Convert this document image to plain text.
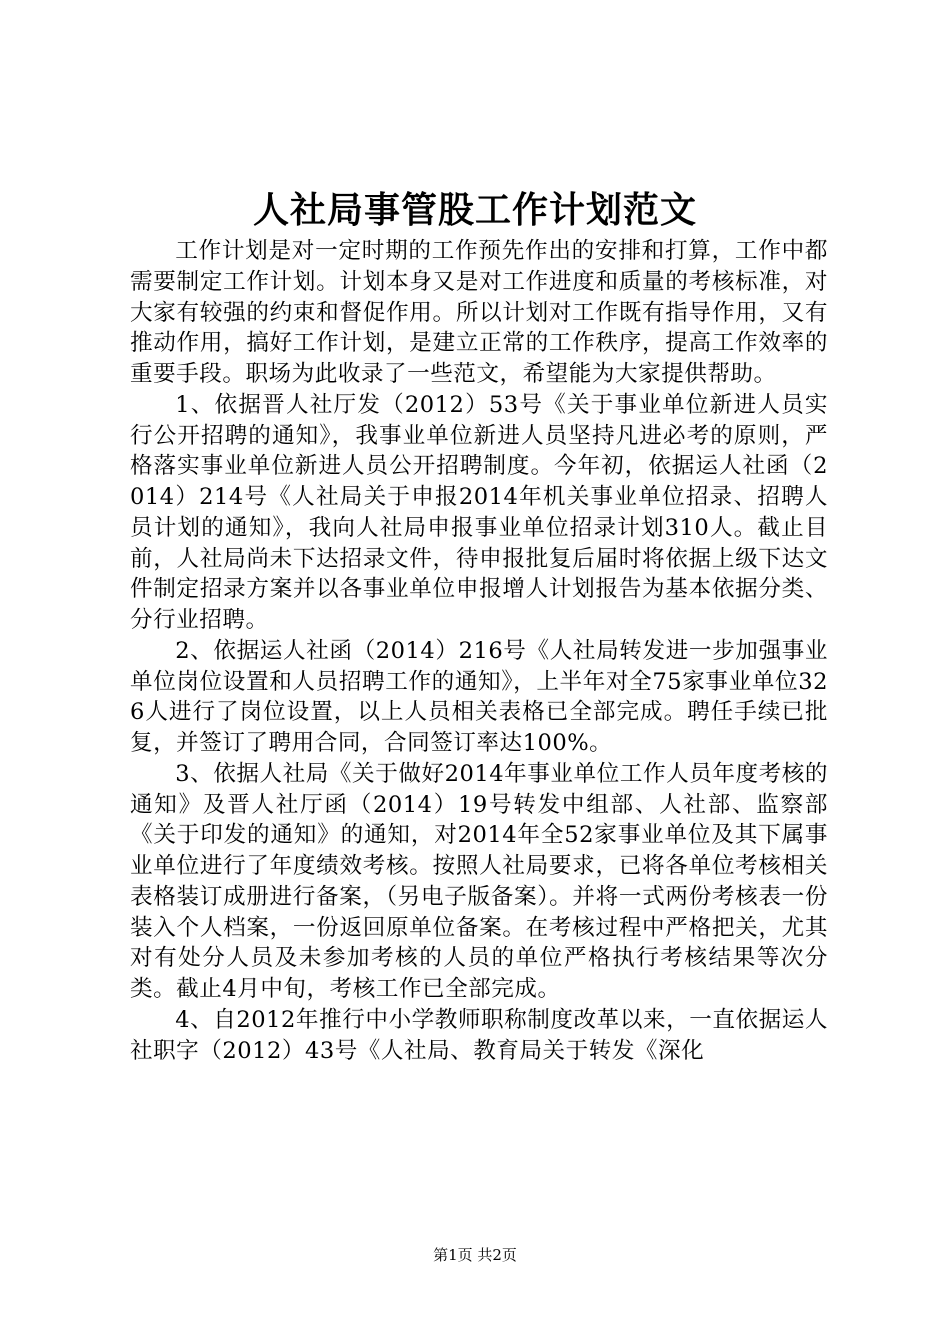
人社局事管股工作计划范文

工作计划是对一定时期的工作预先作出的安排和打算，工作中都需要制定工作计划。计划本身又是对工作进度和质量的考核标准，对大家有较强的约束和督促作用。所以计划对工作既有指导作用，又有推动作用，搞好工作计划，是建立正常的工作秩序，提高工作效率的重要手段。职场为此收录了一些范文，希望能为大家提供帮助。

1、依据晋人社厅发（2012）53号《关于事业单位新进人员实行公开招聘的通知》，我事业单位新进人员坚持凡进必考的原则，严格落实事业单位新进人员公开招聘制度。今年初，依据运人社函（2014）214号《人社局关于申报2014年机关事业单位招录、招聘人员计划的通知》，我向人社局申报事业单位招录计划310人。截止目前，人社局尚未下达招录文件，待申报批复后届时将依据上级下达文件制定招录方案并以各事业单位申报增人计划报告为基本依据分类、分行业招聘。

2、依据运人社函（2014）216号《人社局转发进一步加强事业单位岗位设置和人员招聘工作的通知》，上半年对全75家事业单位326人进行了岗位设置，以上人员相关表格已全部完成。聘任手续已批复，并签订了聘用合同，合同签订率达100%。

3、依据人社局《关于做好2014年事业单位工作人员年度考核的通知》及晋人社厅函（2014）19号转发中组部、人社部、监察部《关于印发的通知》的通知，对2014年全52家事业单位及其下属事业单位进行了年度绩效考核。按照人社局要求，已将各单位考核相关表格装订成册进行备案，（另电子版备案）。并将一式两份考核表一份装入个人档案，一份返回原单位备案。在考核过程中严格把关，尤其对有处分人员及未参加考核的人员的单位严格执行考核结果等次分类。截止4月中旬，考核工作已全部完成。

4、自2012年推行中小学教师职称制度改革以来，一直依据运人社职字（2012）43号《人社局、教育局关于转发《深化

第1页 共2页
